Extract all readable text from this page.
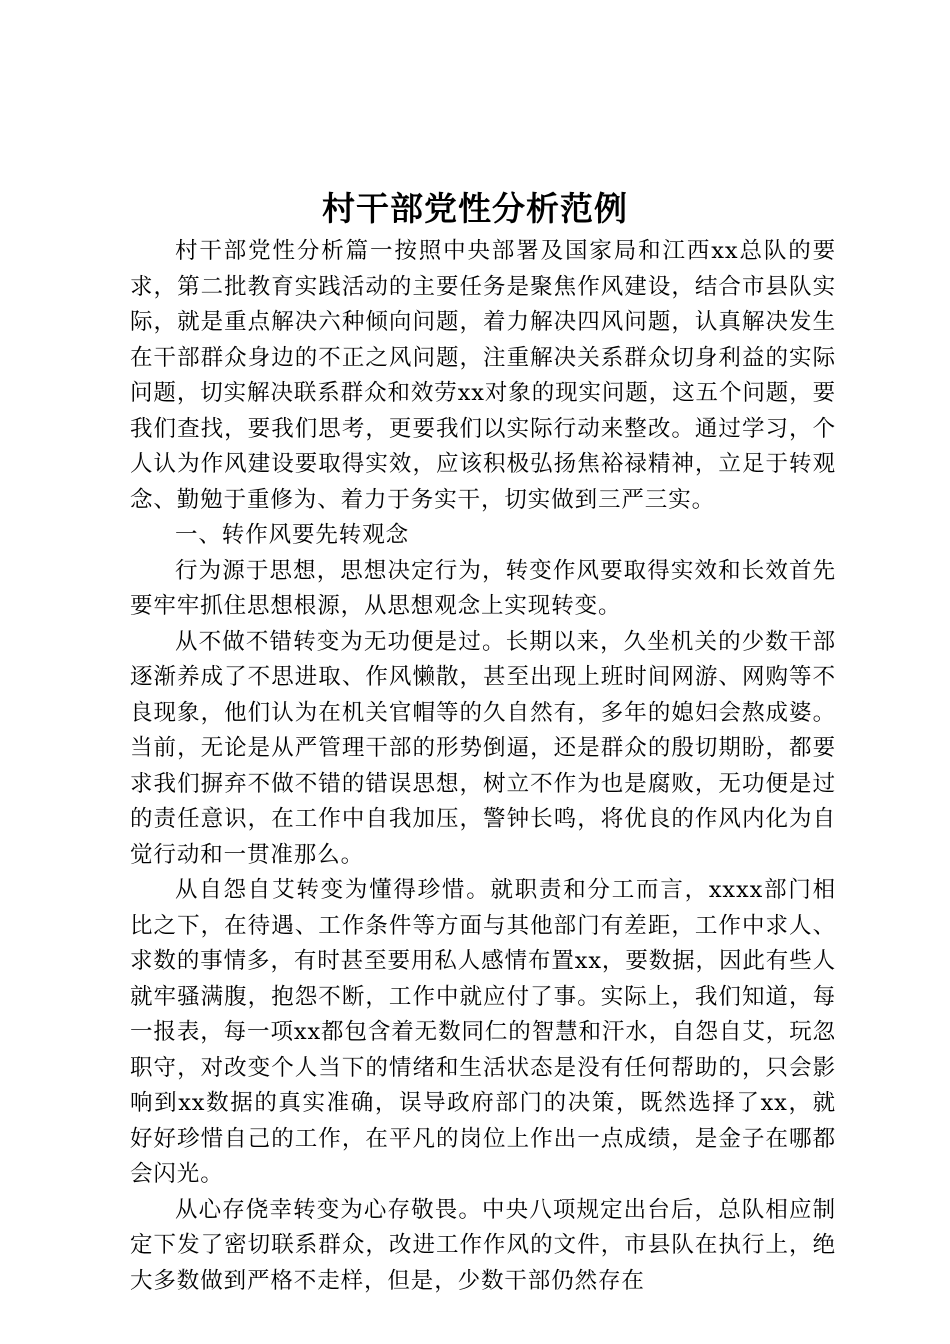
村干部党性分析范例

村干部党性分析篇一按照中央部署及国家局和江西xx总队的要求，第二批教育实践活动的主要任务是聚焦作风建设，结合市县队实际，就是重点解决六种倾向问题，着力解决四风问题，认真解决发生在干部群众身边的不正之风问题，注重解决关系群众切身利益的实际问题，切实解决联系群众和效劳xx对象的现实问题，这五个问题，要我们查找，要我们思考，更要我们以实际行动来整改。通过学习，个人认为作风建设要取得实效，应该积极弘扬焦裕禄精神，立足于转观念、勤勉于重修为、着力于务实干，切实做到三严三实。

一、转作风要先转观念

行为源于思想，思想决定行为，转变作风要取得实效和长效首先要牢牢抓住思想根源，从思想观念上实现转变。

从不做不错转变为无功便是过。长期以来，久坐机关的少数干部逐渐养成了不思进取、作风懒散，甚至出现上班时间网游、网购等不良现象，他们认为在机关官帽等的久自然有，多年的媳妇会熬成婆。当前，无论是从严管理干部的形势倒逼，还是群众的殷切期盼，都要求我们摒弃不做不错的错误思想，树立不作为也是腐败，无功便是过的责任意识，在工作中自我加压，警钟长鸣，将优良的作风内化为自觉行动和一贯准那么。

从自怨自艾转变为懂得珍惜。就职责和分工而言，xxxx部门相比之下，在待遇、工作条件等方面与其他部门有差距，工作中求人、求数的事情多，有时甚至要用私人感情布置xx，要数据，因此有些人就牢骚满腹，抱怨不断，工作中就应付了事。实际上，我们知道，每一报表，每一项xx都包含着无数同仁的智慧和汗水，自怨自艾，玩忽职守，对改变个人当下的情绪和生活状态是没有任何帮助的，只会影响到xx数据的真实准确，误导政府部门的决策，既然选择了xx，就好好珍惜自己的工作，在平凡的岗位上作出一点成绩，是金子在哪都会闪光。

从心存侥幸转变为心存敬畏。中央八项规定出台后，总队相应制定下发了密切联系群众，改进工作作风的文件，市县队在执行上，绝大多数做到严格不走样，但是，少数干部仍然存在
